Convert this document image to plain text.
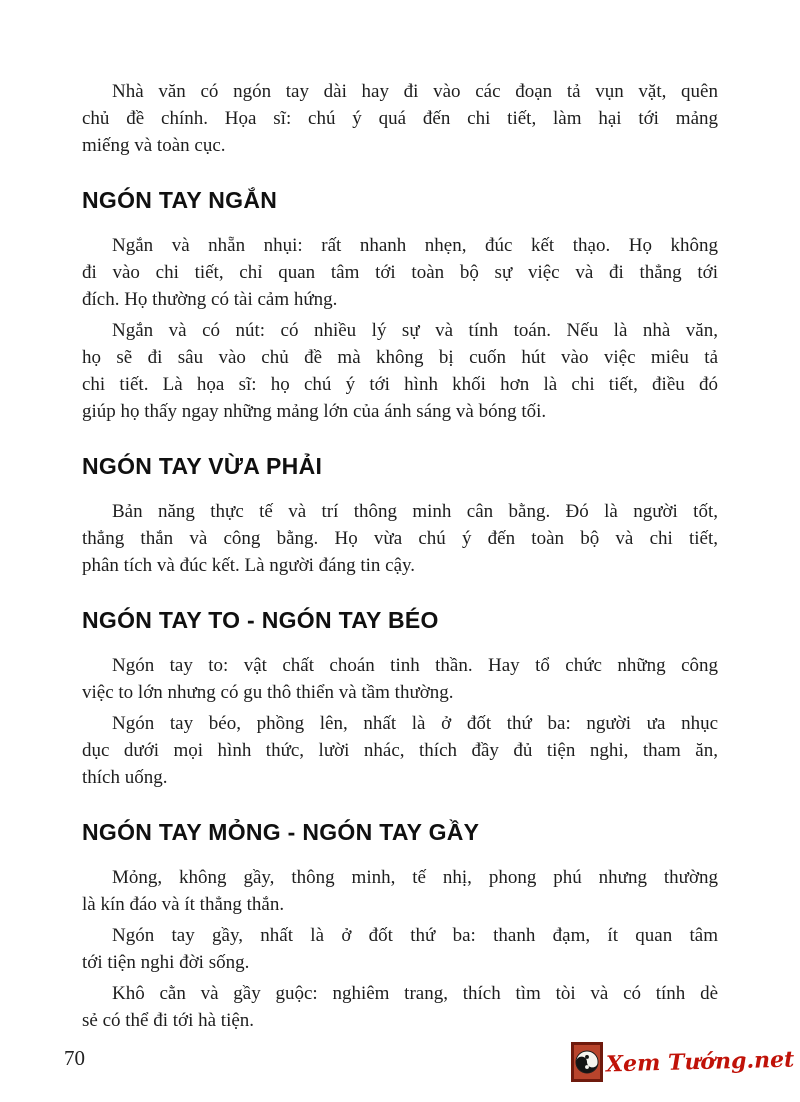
Nhà văn có ngón tay dài hay đi vào các đoạn tả vụn vặt, quên
chủ đề chính. Họa sĩ: chú ý quá đến chi tiết, làm hại tới mảng
miếng và toàn cục.
NGÓN TAY NGẮN
Ngắn và nhẵn nhụi: rất nhanh nhẹn, đúc kết thạo. Họ không
đi vào chi tiết, chỉ quan tâm tới toàn bộ sự việc và đi thẳng tới
đích. Họ thường có tài cảm hứng.
Ngắn và có nút: có nhiều lý sự và tính toán. Nếu là nhà văn,
họ sẽ đi sâu vào chủ đề mà không bị cuốn hút vào việc miêu tả
chi tiết. Là họa sĩ: họ chú ý tới hình khối hơn là chi tiết, điều đó
giúp họ thấy ngay những mảng lớn của ánh sáng và bóng tối.
NGÓN TAY VỪA PHẢI
Bản năng thực tế và trí thông minh cân bằng. Đó là người tốt,
thẳng thắn và công bằng. Họ vừa chú ý đến toàn bộ và chi tiết,
phân tích và đúc kết. Là người đáng tin cậy.
NGÓN TAY TO - NGÓN TAY BÉO
Ngón tay to: vật chất choán tinh thần. Hay tổ chức những công
việc to lớn nhưng có gu thô thiển và tầm thường.
Ngón tay béo, phồng lên, nhất là ở đốt thứ ba: người ưa nhục
dục dưới mọi hình thức, lười nhác, thích đầy đủ tiện nghi, tham ăn,
thích uống.
NGÓN TAY MỎNG - NGÓN TAY GẦY
Mỏng, không gầy, thông minh, tế nhị, phong phú nhưng thường
là kín đáo và ít thẳng thắn.
Ngón tay gầy, nhất là ở đốt thứ ba: thanh đạm, ít quan tâm
tới tiện nghi đời sống.
Khô cằn và gầy guộc: nghiêm trang, thích tìm tòi và có tính dè
sẻ có thể đi tới hà tiện.
70	Xem Tướng.net
